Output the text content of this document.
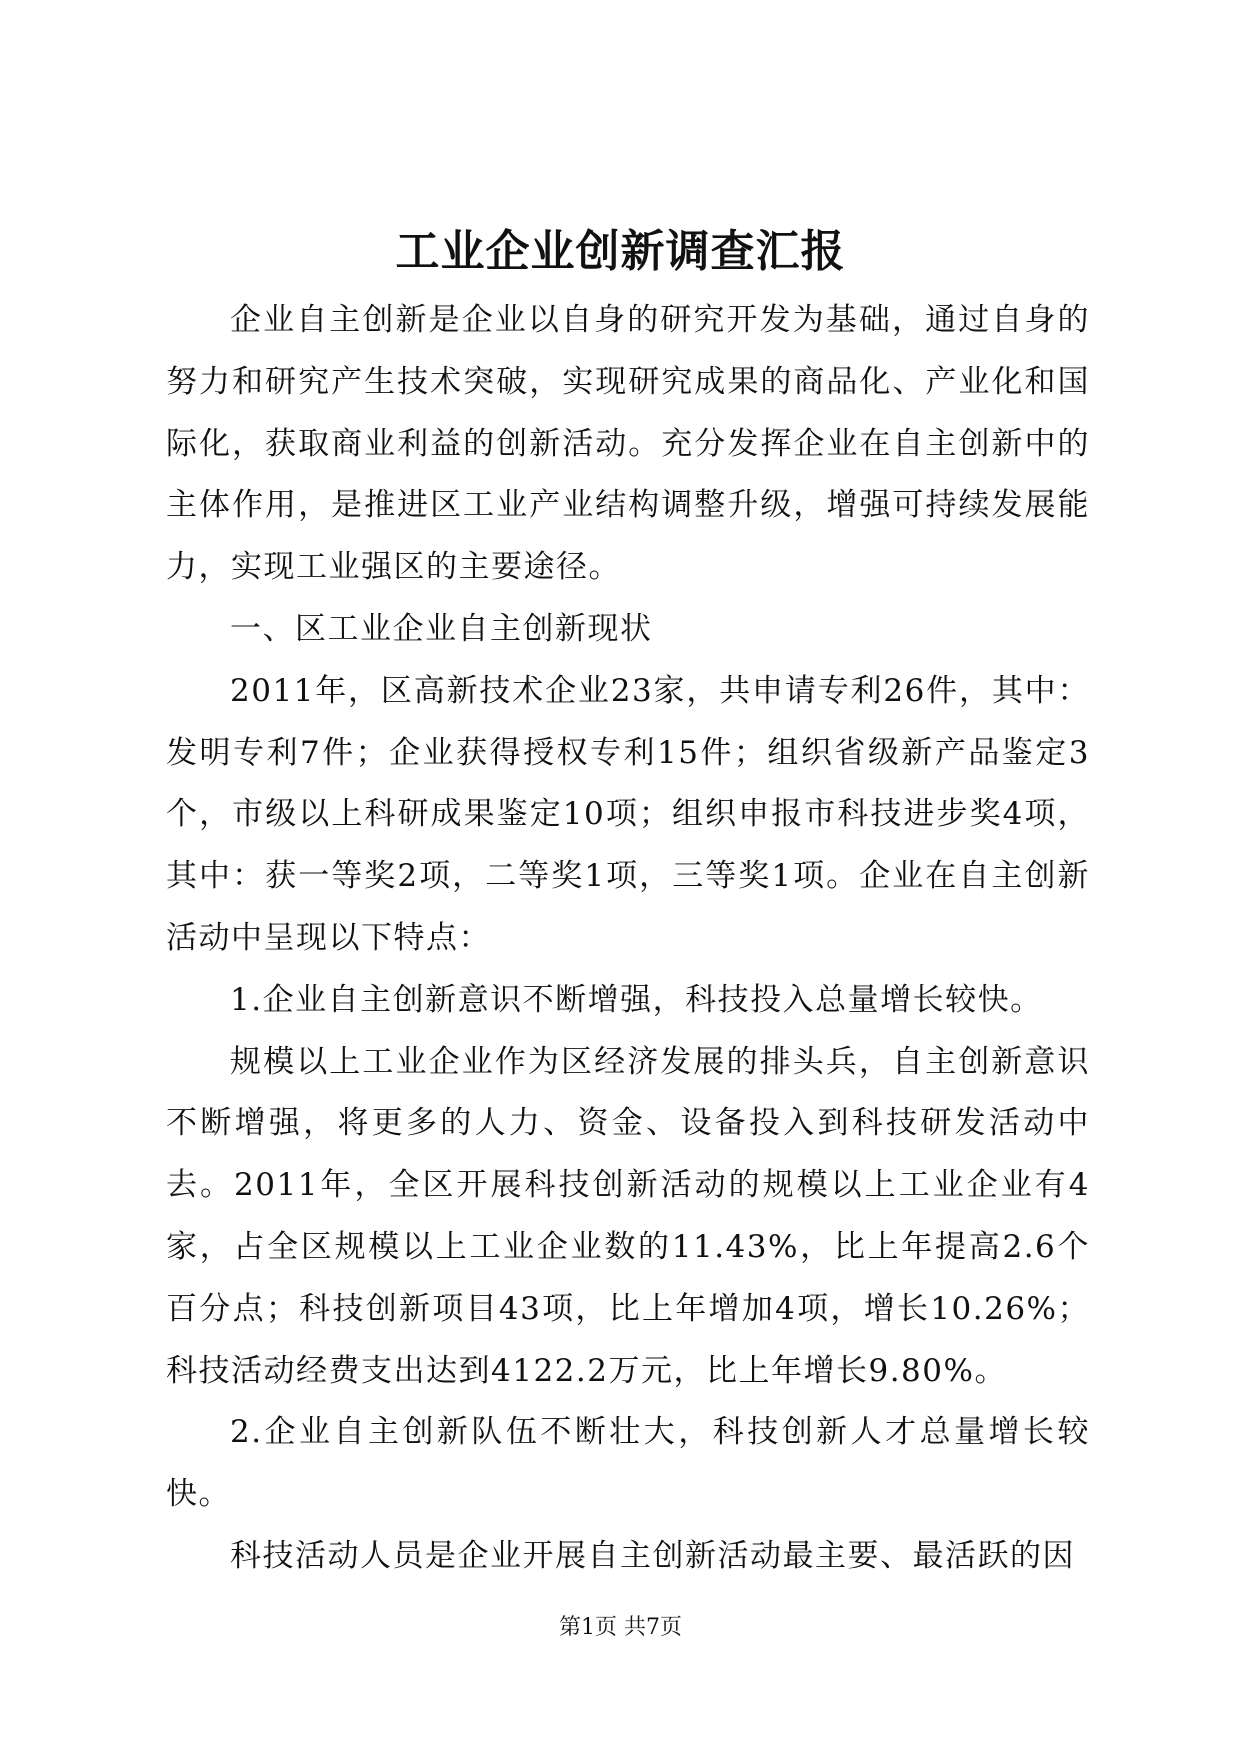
工业企业创新调查汇报

企业自主创新是企业以自身的研究开发为基础，通过自身的努力和研究产生技术突破，实现研究成果的商品化、产业化和国际化，获取商业利益的创新活动。充分发挥企业在自主创新中的主体作用，是推进区工业产业结构调整升级，增强可持续发展能力，实现工业强区的主要途径。

一、区工业企业自主创新现状

2011年，区高新技术企业23家，共申请专利26件，其中：发明专利7件；企业获得授权专利15件；组织省级新产品鉴定3个，市级以上科研成果鉴定10项；组织申报市科技进步奖4项，其中：获一等奖2项，二等奖1项，三等奖1项。企业在自主创新活动中呈现以下特点：

1.企业自主创新意识不断增强，科技投入总量增长较快。

规模以上工业企业作为区经济发展的排头兵，自主创新意识不断增强，将更多的人力、资金、设备投入到科技研发活动中去。2011年，全区开展科技创新活动的规模以上工业企业有4家，占全区规模以上工业企业数的11.43%，比上年提高2.6个百分点；科技创新项目43项，比上年增加4项，增长10.26%；科技活动经费支出达到4122.2万元，比上年增长9.80%。

2.企业自主创新队伍不断壮大，科技创新人才总量增长较快。

科技活动人员是企业开展自主创新活动最主要、最活跃的因

第1页 共7页
